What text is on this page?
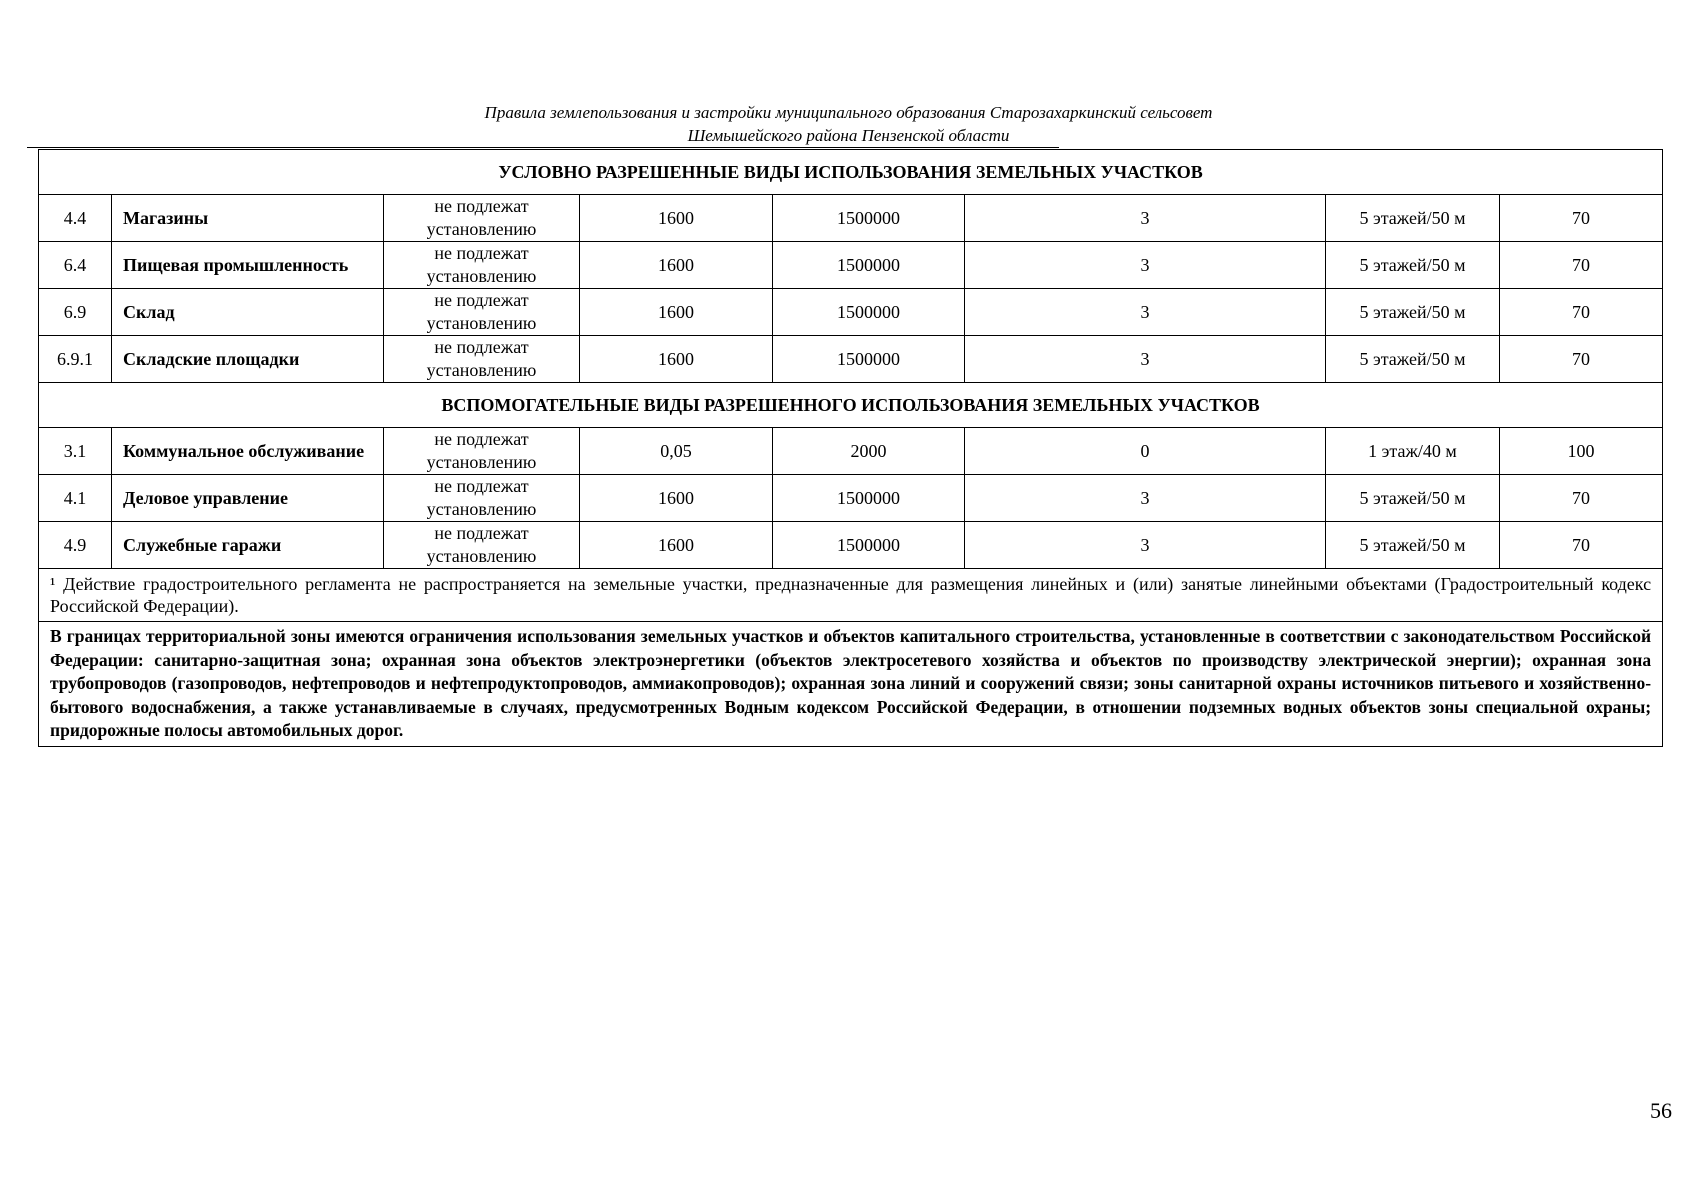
Правила землепользования и застройки муниципального образования Старозахаркинский сельсовет
Шемышейского района Пензенской области
УСЛОВНО РАЗРЕШЕННЫЕ ВИДЫ ИСПОЛЬЗОВАНИЯ ЗЕМЕЛЬНЫХ УЧАСТКОВ							
4.4	Магазины	не подлежат установлению	1600	1500000	3	5 этажей/50 м	70
6.4	Пищевая промышленность	не подлежат установлению	1600	1500000	3	5 этажей/50 м	70
6.9	Склад	не подлежат установлению	1600	1500000	3	5 этажей/50 м	70
6.9.1	Складские площадки	не подлежат установлению	1600	1500000	3	5 этажей/50 м	70
ВСПОМОГАТЕЛЬНЫЕ ВИДЫ РАЗРЕШЕННОГО ИСПОЛЬЗОВАНИЯ ЗЕМЕЛЬНЫХ УЧАСТКОВ							
3.1	Коммунальное обслуживание	не подлежат установлению	0,05	2000	0	1 этаж/40 м	100
4.1	Деловое управление	не подлежат установлению	1600	1500000	3	5 этажей/50 м	70
4.9	Служебные гаражи	не подлежат установлению	1600	1500000	3	5 этажей/50 м	70
¹ Действие градостроительного регламента не распространяется на земельные участки, предназначенные для размещения линейных и (или) занятые линейными объектами (Градостроительный кодекс Российской Федерации).							
В границах территориальной зоны имеются ограничения использования земельных участков и объектов капитального строительства, установленные в соответствии с законодательством Российской Федерации: санитарно-защитная зона; охранная зона объектов электроэнергетики (объектов электросетевого хозяйства и объектов по производству электрической энергии); охранная зона трубопроводов (газопроводов, нефтепроводов и нефтепродуктопроводов, аммиакопроводов); охранная зона линий и сооружений связи; зоны санитарной охраны источников питьевого и хозяйственно-бытового водоснабжения, а также устанавливаемые в случаях, предусмотренных Водным кодексом Российской Федерации, в отношении подземных водных объектов зоны специальной охраны; придорожные полосы автомобильных дорог.							
56
